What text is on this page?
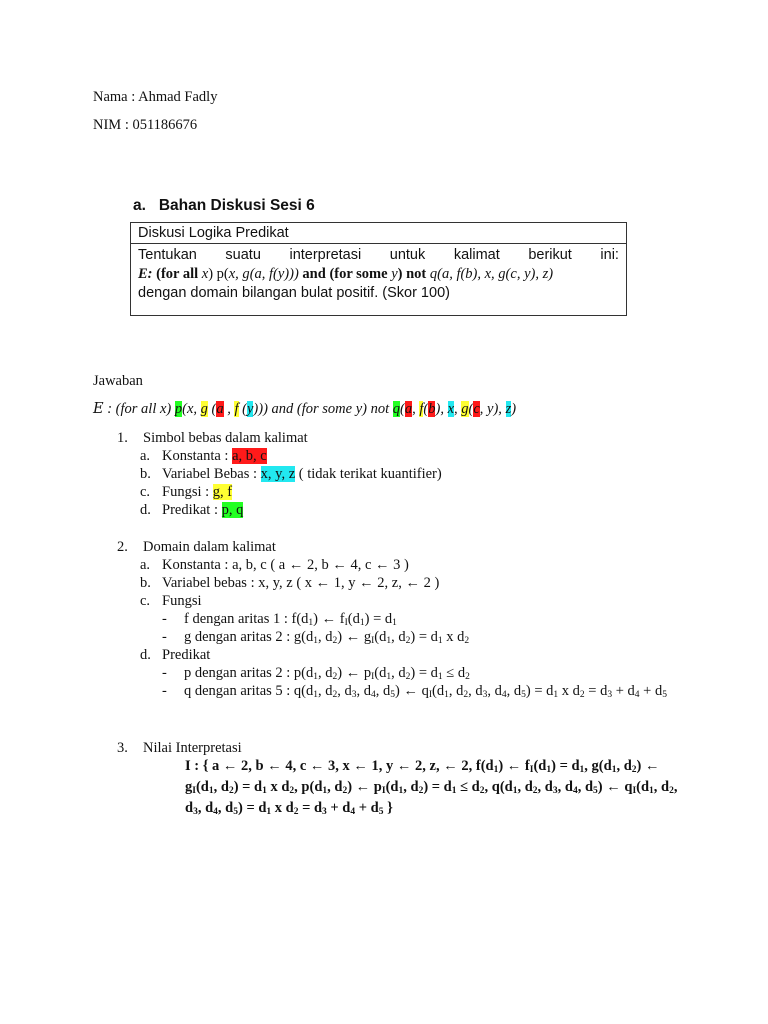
Nama : Ahmad Fadly
NIM : 051186676
a.   Bahan Diskusi Sesi 6
Diskusi Logika Predikat
Tentukan suatu interpretasi untuk kalimat berikut ini:
E: (for all x) p(x, g(a, f(y))) and (for some y) not q(a, f(b), x, g(c, y), z)
dengan domain bilangan bulat positif. (Skor 100)
Jawaban
E : (for all x) p(x, g (a , f (y))) and (for some y) not q(a, f(b), x, g(c, y), z)
1. Simbol bebas dalam kalimat
a. Konstanta : a, b, c
b. Variabel Bebas : x, y, z ( tidak terikat kuantifier)
c. Fungsi : g, f
d. Predikat : p, q
2. Domain dalam kalimat
a. Konstanta : a, b, c ( a ← 2, b ← 4, c ← 3 )
b. Variabel bebas : x, y, z ( x ← 1, y ← 2, z, ← 2 )
c. Fungsi
- f dengan aritas 1 : $f(d_1)$ ← $f_I(d_1) = d_1$
- g dengan aritas 2 : $g(d_1$, $d_2$) ← $g_I(d_1$, $d_2) = d_1$ x $d_2$
d. Predikat
- p dengan aritas 2 : $p(d_1$, $d_2$) ← $p_I(d_1$, $d_2) = d_1 \le d_2$
- q dengan aritas 5 : $q(d_1$, $d_2$, $d_3$, $d_4$, $d_5$) ← $q_I(d_1$, $d_2$, $d_3$, $d_4$, $d_5) = d_1$ x $d_2 = d_3 + d_4 + d_5$
3. Nilai Interpretasi
I : { a ← 2, b ← 4, c ← 3, x ← 1, y ← 2, z, ← 2, $f(d_1)$ ← $f_I(d_1) = d_1$, $g(d_1$, $d_2$) ← $g_I(d_1$, $d_2) = d_1$ x $d_2$, $p(d_1$, $d_2$) ← $p_I(d_1$, $d_2) = d_1 \le d_2$, $q(d_1$, $d_2$, $d_3$, $d_4$, $d_5$) ← $q_I(d_1$, $d_2$, $d_3$, $d_4$, $d_5) = d_1$ x $d_2 = d_3 + d_4 + d_5$ }
